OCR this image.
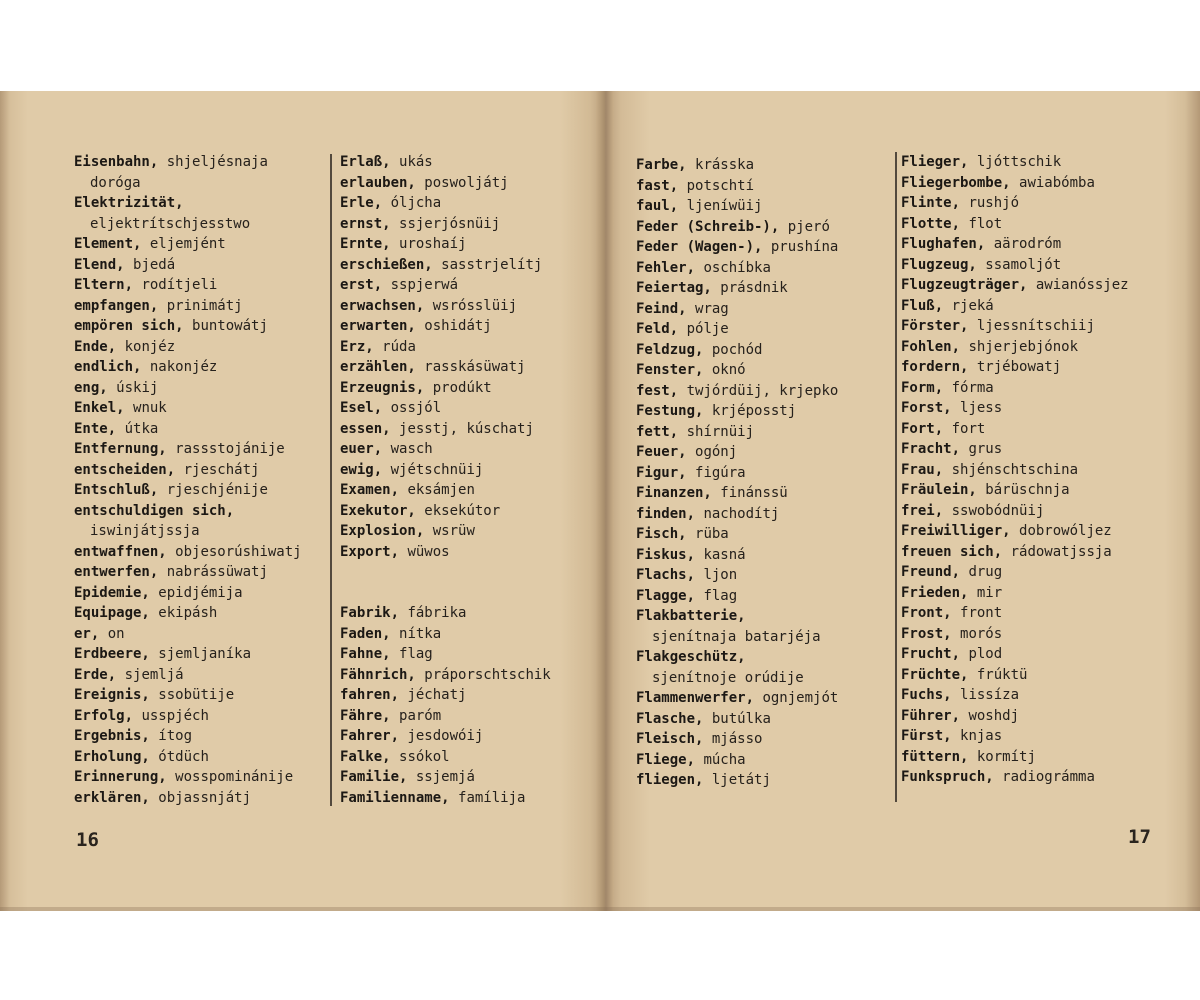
Eisenbahn, shjeljésnaja
doróga
Elektrizität,
eljektrítschjesstwo
Element, eljemjént
Elend, bjedá
Eltern, rodítjeli
empfangen, prinimátj
empören sich, buntowátj
Ende, konjéz
endlich, nakonjéz
eng, úskij
Enkel, wnuk
Ente, útka
Entfernung, rassstojánije
entscheiden, rjeschátj
Entschluß, rjeschjénije
entschuldigen sich,
iswinjátjssja
entwaffnen, objesorúshiwatj
entwerfen, nabrássüwatj
Epidemie, epidjémija
Equipage, ekipásh
er, on
Erdbeere, sjemljaníka
Erde, sjemljá
Ereignis, ssobütije
Erfolg, usspjéch
Ergebnis, ítog
Erholung, ótdüch
Erinnerung, wosspominánije
erklären, objassnjátj
Erlaß, ukás
erlauben, poswoljátj
Erle, óljcha
ernst, ssjerjósnüij
Ernte, uroshaíj
erschießen, sasstrjelítj
erst, sspjerwá
erwachsen, wsrósslüij
erwarten, oshidátj
Erz, rúda
erzählen, rasskásüwatj
Erzeugnis, prodúkt
Esel, ossjól
essen, jesstj, kúschatj
euer, wasch
ewig, wjétschnüij
Examen, eksámjen
Exekutor, eksekútor
Explosion, wsrüw
Export, wüwos
Fabrik, fábrika
Faden, nítka
Fahne, flag
Fähnrich, práporschtschik
fahren, jéchatj
Fähre, paróm
Fahrer, jesdowóij
Falke, ssókol
Familie, ssjemjá
Familienname, famílija
16
Farbe, krásska
fast, potschtí
faul, ljeníwüij
Feder (Schreib-), pjeró
Feder (Wagen-), prushína
Fehler, oschíbka
Feiertag, prásdnik
Feind, wrag
Feld, pólje
Feldzug, pochód
Fenster, oknó
fest, twjórdüij, krjepko
Festung, krjéposstj
fett, shírnüij
Feuer, ogónj
Figur, figúra
Finanzen, finánssü
finden, nachodítj
Fisch, rüba
Fiskus, kasná
Flachs, ljon
Flagge, flag
Flakbatterie,
sjenítnaja batarjéja
Flakgeschütz,
sjenítnoje orúdije
Flammenwerfer, ognjemjót
Flasche, butúlka
Fleisch, mjásso
Fliege, múcha
fliegen, ljetátj
Flieger, ljóttschik
Fliegerbombe, awiabómba
Flinte, rushjó
Flotte, flot
Flughafen, aärodróm
Flugzeug, ssamoljót
Flugzeugträger, awianóssjez
Fluß, rjeká
Förster, ljessnítschiij
Fohlen, shjerjebjónok
fordern, trjébowatj
Form, fórma
Forst, ljess
Fort, fort
Fracht, grus
Frau, shjénschtschina
Fräulein, bárüschnja
frei, sswobódnüij
Freiwilliger, dobrowóljez
freuen sich, rádowatjssja
Freund, drug
Frieden, mir
Front, front
Frost, morós
Frucht, plod
Früchte, frúktü
Fuchs, lissíza
Führer, woshdj
Fürst, knjas
füttern, kormítj
Funkspruch, radiográmma
17
